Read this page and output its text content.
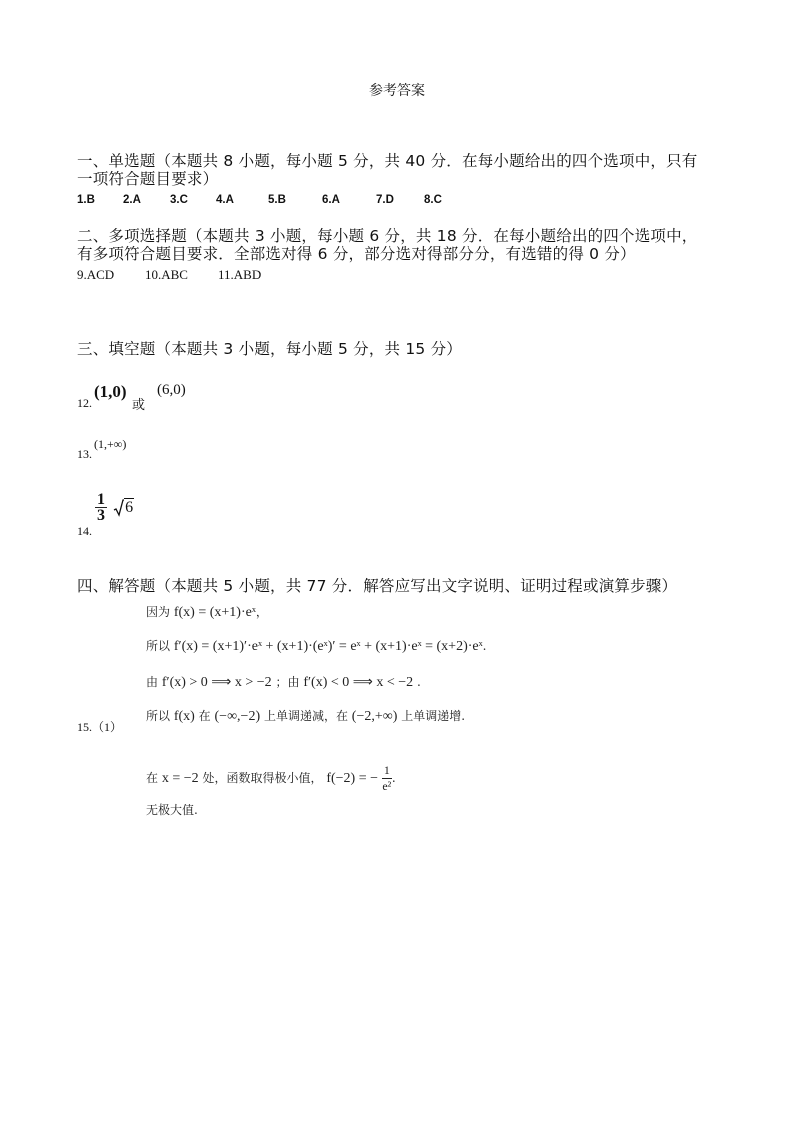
参考答案
一、单选题（本题共 8 小题，每小题 5 分，共 40 分．在每小题给出的四个选项中，只有
一项符合题目要求）
1.B 2.A	3.C 4.A	5.B	6.A	7.D	8.C
二、多项选择题（本题共 3 小题，每小题 6 分，共 18 分．在每小题给出的四个选项中，
有多项符合题目要求．全部选对得 6 分，部分选对得部分分，有选错的得 0 分）
9.ACD 10.ABC 11.ABD
三、填空题（本题共 3 小题，每小题 5 分，共 15 分）
12.
(1,0)
或
(6,0)
13.
(1,+∞)
14.
$\frac{1}{3} 6$
四、解答题（本题共 5 小题，共 77 分．解答应写出文字说明、证明过程或演算步骤）
因为 f(x) = (x+1)·eˣ，
所以 f′(x) = (x+1)′·eˣ + (x+1)·(eˣ)′ = eˣ + (x+1)·eˣ = (x+2)·eˣ.
由 f′(x) > 0 ⟹ x > −2 ；由 f′(x) < 0 ⟹ x < −2 .
15.（1）
所以 f(x) 在 (−∞,−2) 上单调递减，在 (−2,+∞) 上单调递增.
在 x = −2 处，函数取得极小值， f(−2) = − $\frac{1}{\text{e²}}$ .
无极大值.
